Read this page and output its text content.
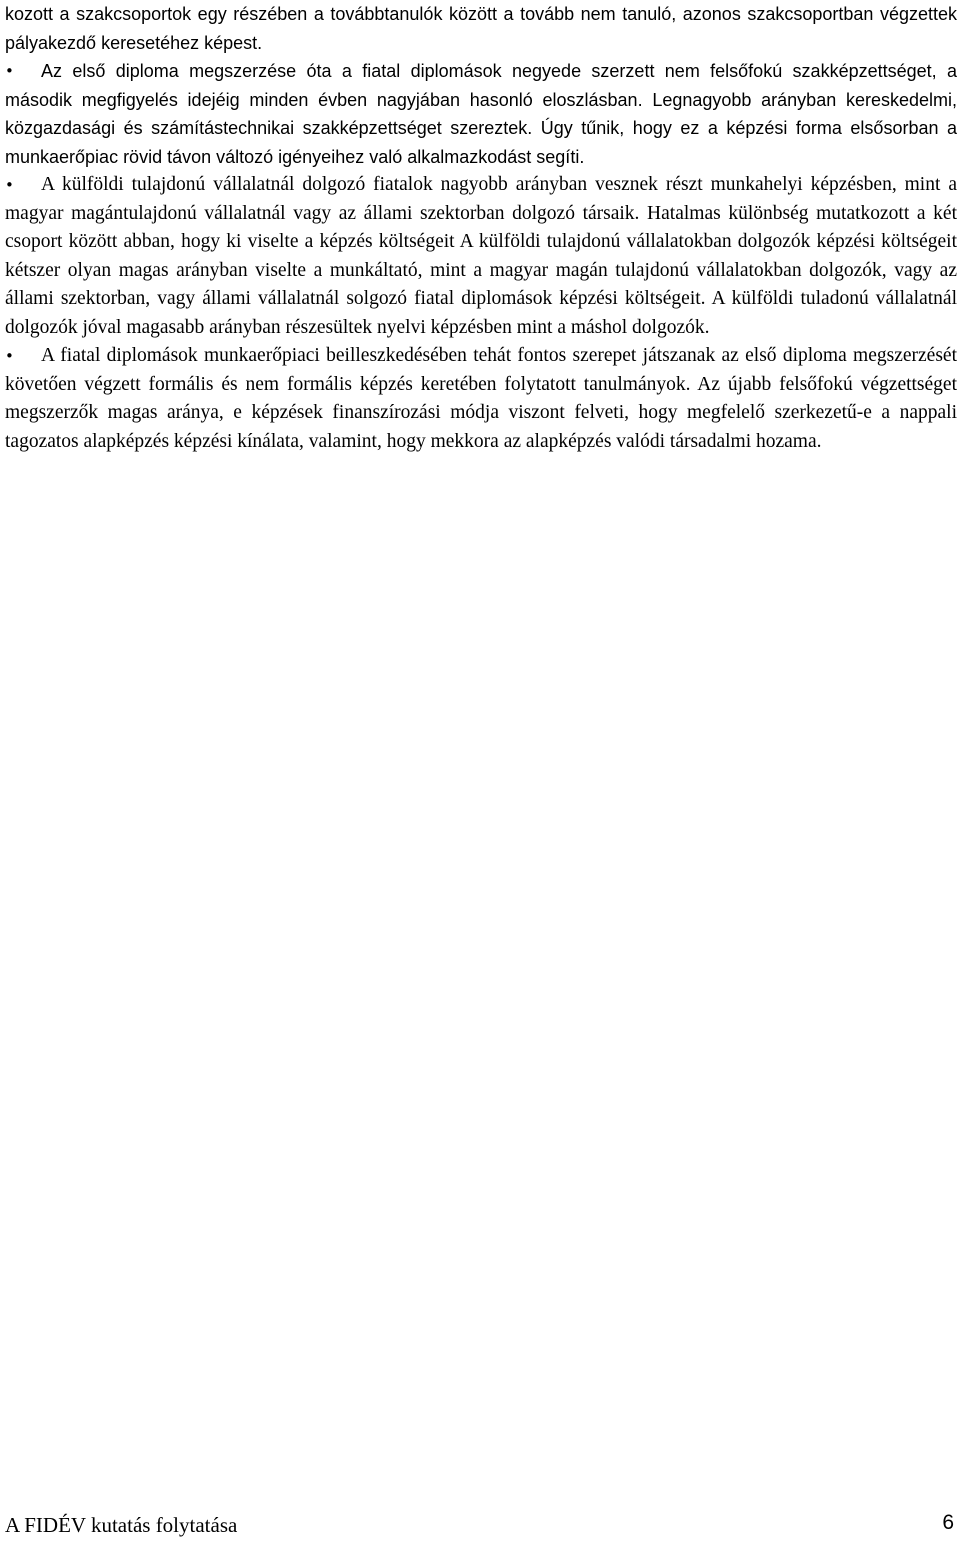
kozott a szakcsoportok egy részében a továbbtanulók között a tovább nem tanuló, azonos szakcsoportban végzettek pályakezdő keresetéhez képest.

•	Az első diploma megszerzése óta a fiatal diplomások negyede szerzett nem felsőfokú szakképzettséget, a második megfigyelés idejéig minden évben nagyjában hasonló eloszlásban. Legnagyobb arányban kereskedelmi, közgazdasági és számítástechnikai szakképzettséget szereztek. Úgy tűnik, hogy ez a képzési forma elsősorban a munkaerőpiac rövid távon változó igényeihez való alkalmazkodást segíti.

•	A külföldi tulajdonú vállalatnál dolgozó fiatalok nagyobb arányban vesznek részt munkahelyi képzésben, mint a magyar magántulajdonú vállalatnál vagy az állami szektorban dolgozó társaik. Hatalmas különbség mutatkozott a két csoport között abban, hogy ki viselte a képzés költségeit A külföldi tulajdonú vállalatokban dolgozók képzési költségeit kétszer olyan magas arányban viselte a munkáltató, mint a magyar magán tulajdonú vállalatokban dolgozók, vagy az állami szektorban, vagy állami vállalatnál solgozó fiatal diplomások képzési költségeit. A külföldi tuladonú vállalatnál dolgozók jóval magasabb arányban részesültek nyelvi képzésben mint a máshol dolgozók.

•	A fiatal diplomások munkaerőpiaci beilleszkedésében tehát fontos szerepet játszanak az első diploma megszerzését követően végzett formális és nem formális képzés keretében folytatott tanulmányok. Az újabb felsőfokú végzettséget megszerzők magas aránya, e képzések finanszírozási módja viszont felveti, hogy megfelelő szerkezetű-e a nappali tagozatos alapképzés képzési kínálata, valamint, hogy mekkora az alapképzés valódi társadalmi hozama.

A FIDÉV kutatás folytatása	6
